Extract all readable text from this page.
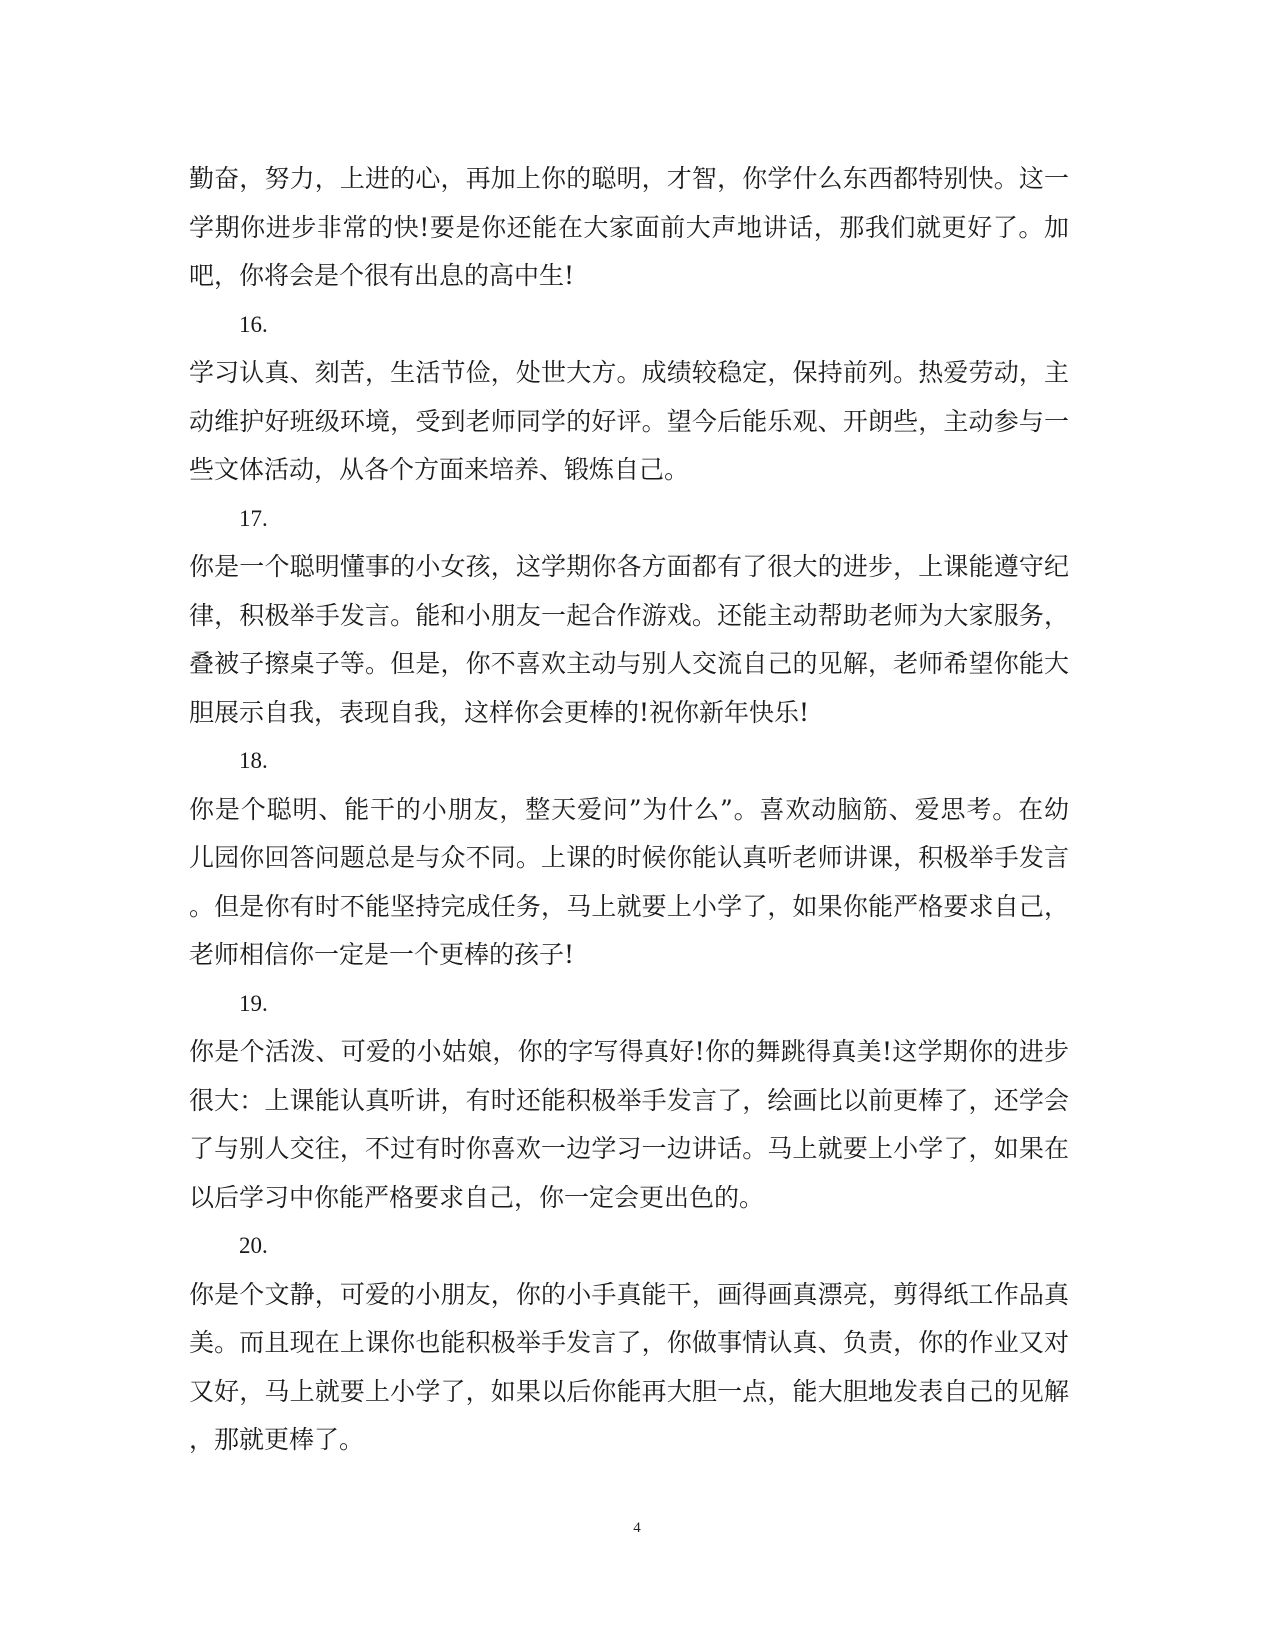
勤奋，努力，上进的心，再加上你的聪明，才智，你学什么东西都特别快。这一
学期你进步非常的快!要是你还能在大家面前大声地讲话，那我们就更好了。加
吧，你将会是个很有出息的高中生!
16.
学习认真、刻苦，生活节俭，处世大方。成绩较稳定，保持前列。热爱劳动，主
动维护好班级环境，受到老师同学的好评。望今后能乐观、开朗些，主动参与一
些文体活动，从各个方面来培养、锻炼自己。
17.
你是一个聪明懂事的小女孩，这学期你各方面都有了很大的进步，上课能遵守纪
律，积极举手发言。能和小朋友一起合作游戏。还能主动帮助老师为大家服务，
叠被子擦桌子等。但是，你不喜欢主动与别人交流自己的见解，老师希望你能大
胆展示自我，表现自我，这样你会更棒的!祝你新年快乐!
18.
你是个聪明、能干的小朋友，整天爱问”为什么”。喜欢动脑筋、爱思考。在幼
儿园你回答问题总是与众不同。上课的时候你能认真听老师讲课，积极举手发言
。但是你有时不能坚持完成任务，马上就要上小学了，如果你能严格要求自己，
老师相信你一定是一个更棒的孩子!
19.
你是个活泼、可爱的小姑娘，你的字写得真好!你的舞跳得真美!这学期你的进步
很大：上课能认真听讲，有时还能积极举手发言了，绘画比以前更棒了，还学会
了与别人交往，不过有时你喜欢一边学习一边讲话。马上就要上小学了，如果在
以后学习中你能严格要求自己，你一定会更出色的。
20.
你是个文静，可爱的小朋友，你的小手真能干，画得画真漂亮，剪得纸工作品真
美。而且现在上课你也能积极举手发言了，你做事情认真、负责，你的作业又对
又好，马上就要上小学了，如果以后你能再大胆一点，能大胆地发表自己的见解
，那就更棒了。
4
